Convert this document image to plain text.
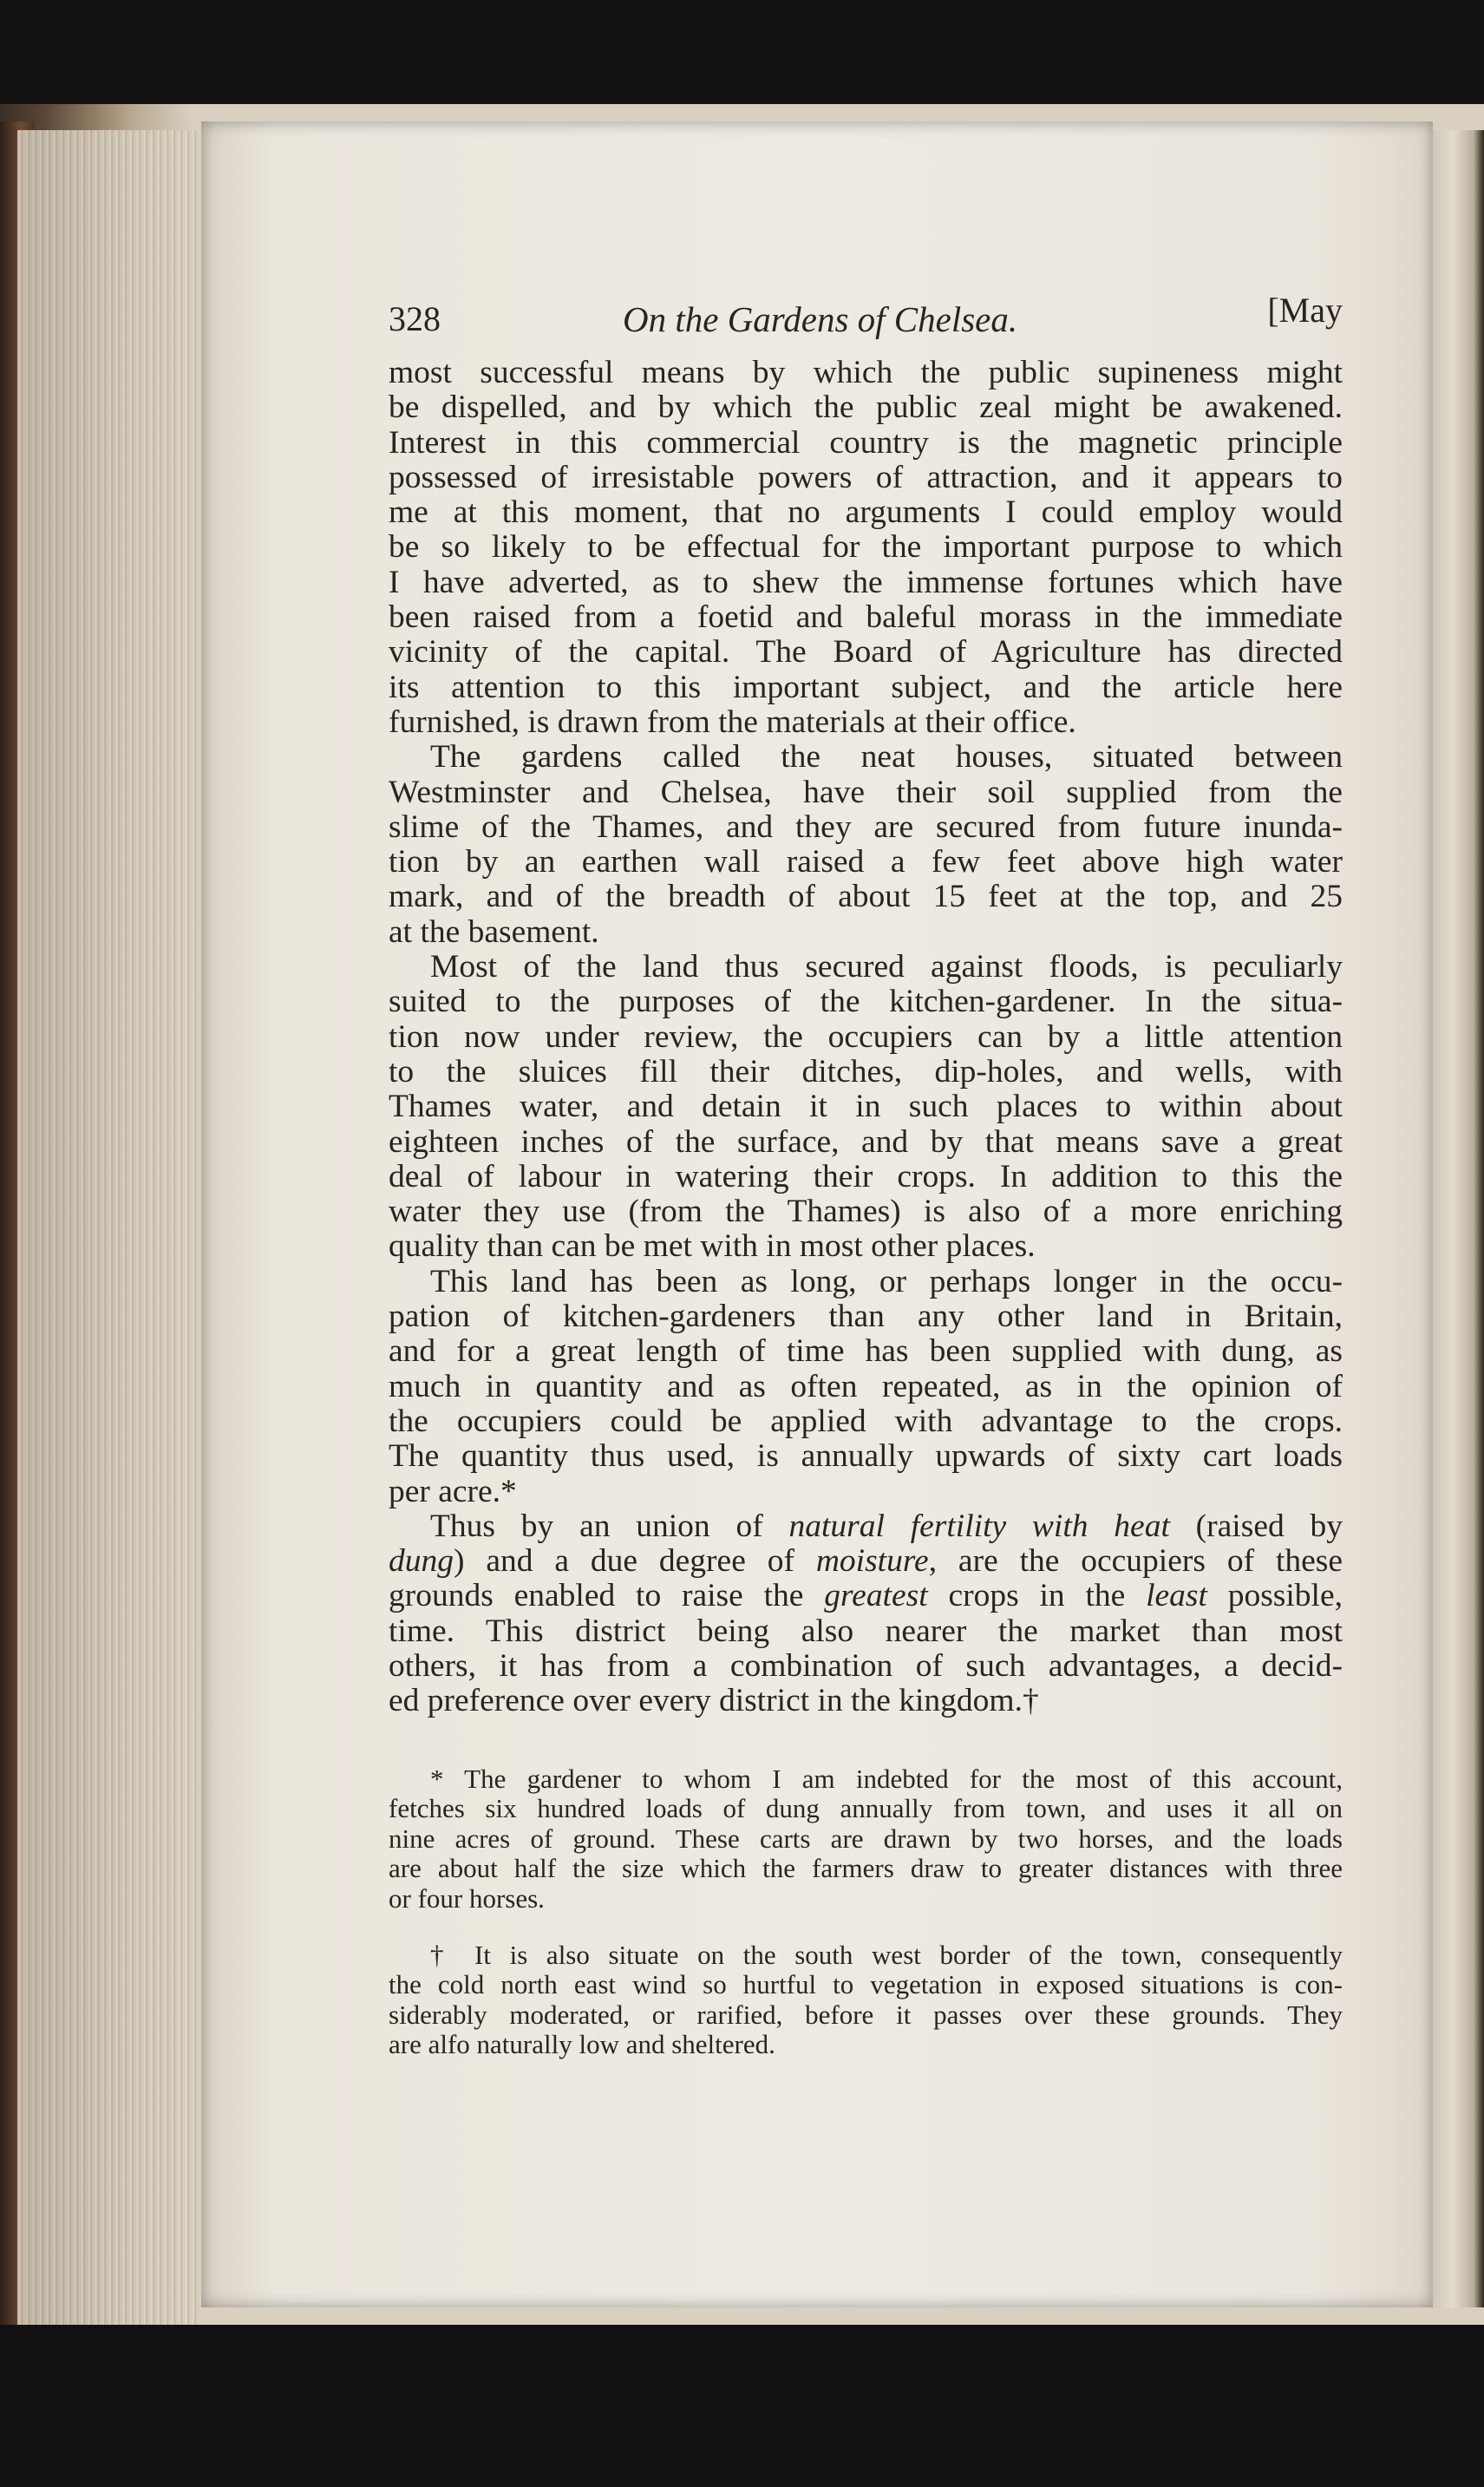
328	On the Gardens of Chelsea.	[May
most successful means by which the public supineness might
be dispelled, and by which the public zeal might be awakened.
Interest in this commercial country is the magnetic principle
possessed of irresistable powers of attraction, and it appears to
me at this moment, that no arguments I could employ would
be so likely to be effectual for the important purpose to which
I have adverted, as to shew the immense fortunes which have
been raised from a foetid and baleful morass in the immediate
vicinity of the capital. The Board of Agriculture has directed
its attention to this important subject, and the article here
furnished, is drawn from the materials at their office.
The gardens called the neat houses, situated between
Westminster and Chelsea, have their soil supplied from the
slime of the Thames, and they are secured from future inunda-
tion by an earthen wall raised a few feet above high water
mark, and of the breadth of about 15 feet at the top, and 25
at the basement.
Most of the land thus secured against floods, is peculiarly
suited to the purposes of the kitchen-gardener. In the situa-
tion now under review, the occupiers can by a little attention
to the sluices fill their ditches, dip-holes, and wells, with
Thames water, and detain it in such places to within about
eighteen inches of the surface, and by that means save a great
deal of labour in watering their crops. In addition to this the
water they use (from the Thames) is also of a more enriching
quality than can be met with in most other places.
This land has been as long, or perhaps longer in the occu-
pation of kitchen-gardeners than any other land in Britain,
and for a great length of time has been supplied with dung, as
much in quantity and as often repeated, as in the opinion of
the occupiers could be applied with advantage to the crops.
The quantity thus used, is annually upwards of sixty cart loads
per acre.*
Thus by an union of natural fertility with heat (raised by
dung) and a due degree of moisture, are the occupiers of these
grounds enabled to raise the greatest crops in the least possible,
time. This district being also nearer the market than most
others, it has from a combination of such advantages, a decid-
ed preference over every district in the kingdom.†
* The gardener to whom I am indebted for the most of this account,
fetches six hundred loads of dung annually from town, and uses it all on
nine acres of ground. These carts are drawn by two horses, and the loads
are about half the size which the farmers draw to greater distances with three
or four horses.
† It is also situate on the south west border of the town, consequently
the cold north east wind so hurtful to vegetation in exposed situations is con-
siderably moderated, or rarified, before it passes over these grounds. They
are alfo naturally low and sheltered.
